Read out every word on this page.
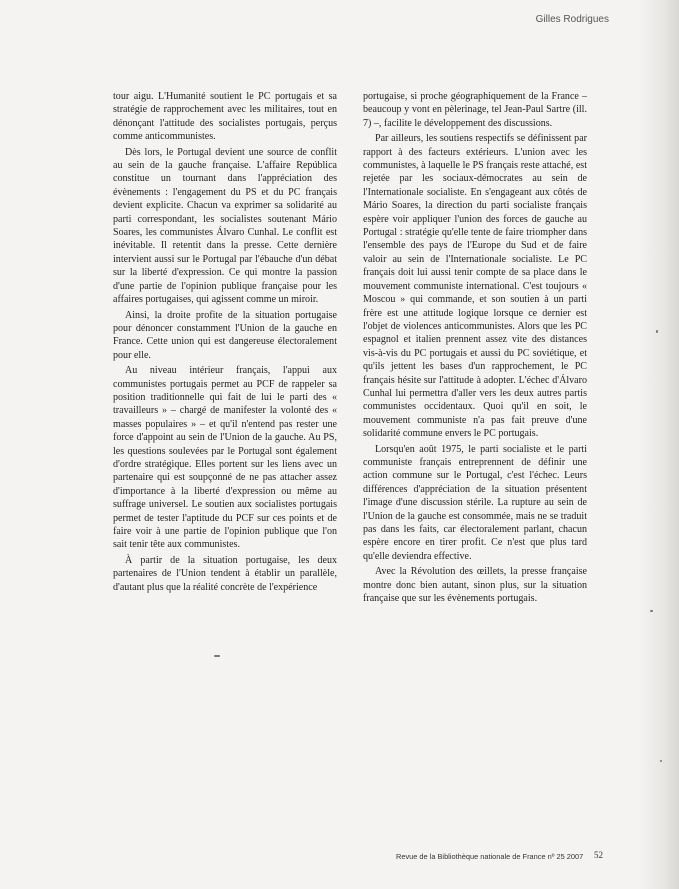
Gilles Rodrigues

tour aigu. L'Humanité soutient le PC portugais et sa stratégie de rapprochement avec les militaires, tout en dénonçant l'attitude des socialistes portugais, perçus comme anticommunistes.

Dès lors, le Portugal devient une source de conflit au sein de la gauche française. L'affaire República constitue un tournant dans l'appréciation des évènements : l'engagement du PS et du PC français devient explicite. Chacun va exprimer sa solidarité au parti correspondant, les socialistes soutenant Mário Soares, les communistes Álvaro Cunhal. Le conflit est inévitable. Il retentit dans la presse. Cette dernière intervient aussi sur le Portugal par l'ébauche d'un débat sur la liberté d'expression. Ce qui montre la passion d'une partie de l'opinion publique française pour les affaires portugaises, qui agissent comme un miroir.

Ainsi, la droite profite de la situation portugaise pour dénoncer constamment l'Union de la gauche en France. Cette union qui est dangereuse électoralement pour elle.

Au niveau intérieur français, l'appui aux communistes portugais permet au PCF de rappeler sa position traditionnelle qui fait de lui le parti des « travailleurs » – chargé de manifester la volonté des « masses populaires » – et qu'il n'entend pas rester une force d'appoint au sein de l'Union de la gauche. Au PS, les questions soulevées par le Portugal sont également d'ordre stratégique. Elles portent sur les liens avec un partenaire qui est soupçonné de ne pas attacher assez d'importance à la liberté d'expression ou même au suffrage universel. Le soutien aux socialistes portugais permet de tester l'aptitude du PCF sur ces points et de faire voir à une partie de l'opinion publique que l'on sait tenir tête aux communistes.

À partir de la situation portugaise, les deux partenaires de l'Union tendent à établir un parallèle, d'autant plus que la réalité concrète de l'expérience

portugaise, si proche géographiquement de la France – beaucoup y vont en pèlerinage, tel Jean-Paul Sartre (ill. 7) –, facilite le développement des discussions.

Par ailleurs, les soutiens respectifs se définissent par rapport à des facteurs extérieurs. L'union avec les communistes, à laquelle le PS français reste attaché, est rejetée par les sociaux-démocrates au sein de l'Internationale socialiste. En s'engageant aux côtés de Mário Soares, la direction du parti socialiste français espère voir appliquer l'union des forces de gauche au Portugal : stratégie qu'elle tente de faire triompher dans l'ensemble des pays de l'Europe du Sud et de faire valoir au sein de l'Internationale socialiste. Le PC français doit lui aussi tenir compte de sa place dans le mouvement communiste international. C'est toujours « Moscou » qui commande, et son soutien à un parti frère est une attitude logique lorsque ce dernier est l'objet de violences anticommunistes. Alors que les PC espagnol et italien prennent assez vite des distances vis-à-vis du PC portugais et aussi du PC soviétique, et qu'ils jettent les bases d'un rapprochement, le PC français hésite sur l'attitude à adopter. L'échec d'Álvaro Cunhal lui permettra d'aller vers les deux autres partis communistes occidentaux. Quoi qu'il en soit, le mouvement communiste n'a pas fait preuve d'une solidarité commune envers le PC portugais.

Lorsqu'en août 1975, le parti socialiste et le parti communiste français entreprennent de définir une action commune sur le Portugal, c'est l'échec. Leurs différences d'appréciation de la situation présentent l'image d'une discussion stérile. La rupture au sein de l'Union de la gauche est consommée, mais ne se traduit pas dans les faits, car électoralement parlant, chacun espère encore en tirer profit. Ce n'est que plus tard qu'elle deviendra effective.

Avec la Révolution des œillets, la presse française montre donc bien autant, sinon plus, sur la situation française que sur les évènements portugais.

Revue de la Bibliothèque nationale de France nº 25 2007 52
